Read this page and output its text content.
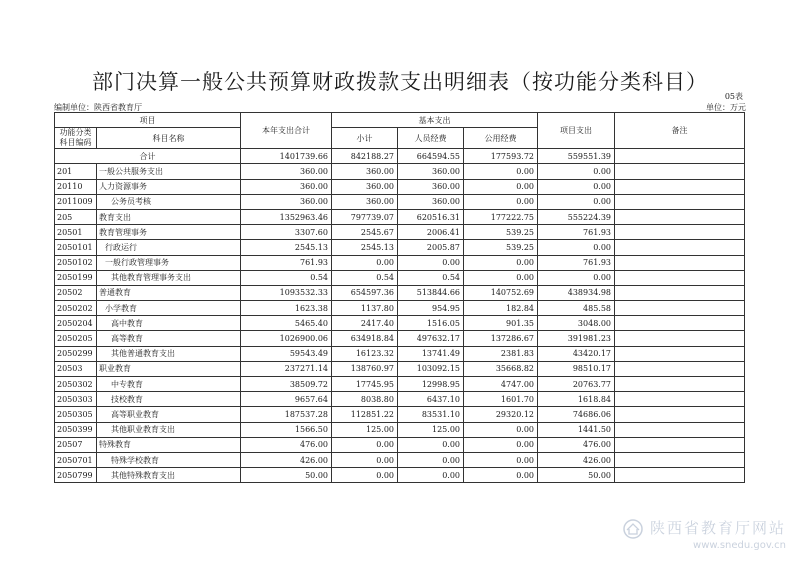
部门决算一般公共预算财政拨款支出明细表（按功能分类科目）
05表
编制单位：陕西省教育厅	单位：万元
项目		本年支出合计	基本支出			项目支出	备注
功能分类科目编码	科目名称		小计	人员经费	公用经费		

合计		1401739.66	842188.27	664594.55	177593.72	559551.39	
201	一般公共服务支出	360.00	360.00	360.00	0.00	0.00	
20110	人力资源事务	360.00	360.00	360.00	0.00	0.00	
2011009	公务员考核	360.00	360.00	360.00	0.00	0.00	
205	教育支出	1352963.46	797739.07	620516.31	177222.75	555224.39	
20501	教育管理事务	3307.60	2545.67	2006.41	539.25	761.93	
2050101	行政运行	2545.13	2545.13	2005.87	539.25	0.00	
2050102	一般行政管理事务	761.93	0.00	0.00	0.00	761.93	
2050199	其他教育管理事务支出	0.54	0.54	0.54	0.00	0.00	
20502	普通教育	1093532.33	654597.36	513844.66	140752.69	438934.98	
2050202	小学教育	1623.38	1137.80	954.95	182.84	485.58	
2050204	高中教育	5465.40	2417.40	1516.05	901.35	3048.00	
2050205	高等教育	1026900.06	634918.84	497632.17	137286.67	391981.23	
2050299	其他普通教育支出	59543.49	16123.32	13741.49	2381.83	43420.17	
20503	职业教育	237271.14	138760.97	103092.15	35668.82	98510.17	
2050302	中专教育	38509.72	17745.95	12998.95	4747.00	20763.77	
2050303	技校教育	9657.64	8038.80	6437.10	1601.70	1618.84	
2050305	高等职业教育	187537.28	112851.22	83531.10	29320.12	74686.06	
2050399	其他职业教育支出	1566.50	125.00	125.00	0.00	1441.50	
20507	特殊教育	476.00	0.00	0.00	0.00	476.00	
2050701	特殊学校教育	426.00	0.00	0.00	0.00	426.00	
2050799	其他特殊教育支出	50.00	0.00	0.00	0.00	50.00	
陕西省教育厅网站
www.snedu.gov.cn
